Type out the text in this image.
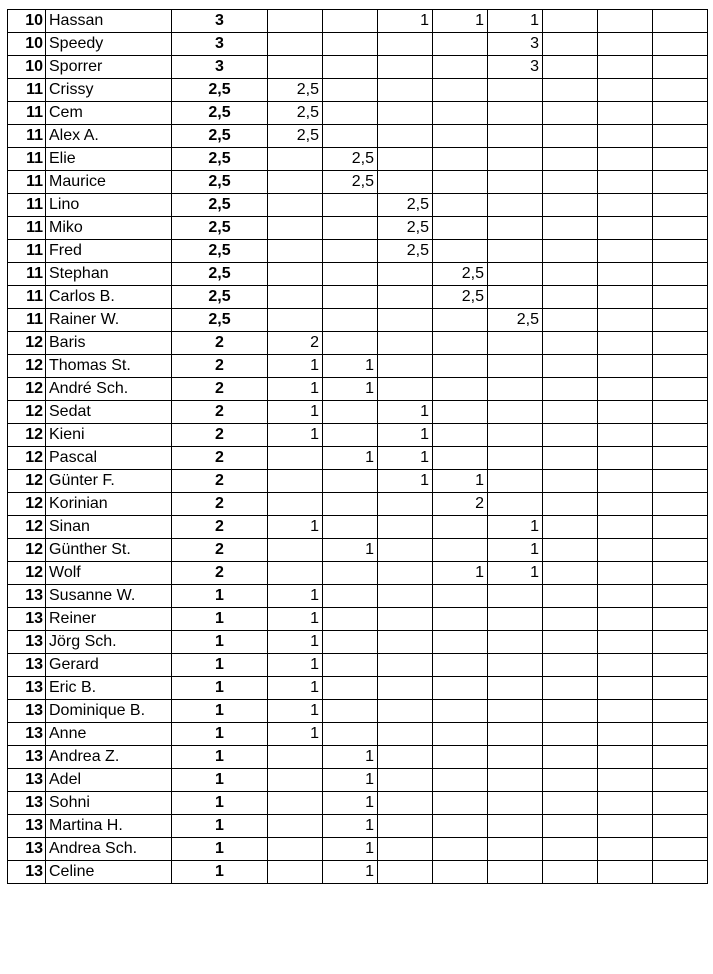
10	Hassan	3			1	1	1			
10	Speedy	3					3			
10	Sporrer	3					3			
11	Crissy	2,5	2,5							
11	Cem	2,5	2,5							
11	Alex A.	2,5	2,5							
11	Elie	2,5		2,5						
11	Maurice	2,5		2,5						
11	Lino	2,5			2,5					
11	Miko	2,5			2,5					
11	Fred	2,5			2,5					
11	Stephan	2,5				2,5				
11	Carlos B.	2,5				2,5				
11	Rainer W.	2,5					2,5			
12	Baris	2	2							
12	Thomas St.	2	1	1						
12	André Sch.	2	1	1						
12	Sedat	2	1		1					
12	Kieni	2	1		1					
12	Pascal	2		1	1					
12	Günter F.	2			1	1				
12	Korinian	2				2				
12	Sinan	2	1				1			
12	Günther St.	2		1			1			
12	Wolf	2				1	1			
13	Susanne W.	1	1							
13	Reiner	1	1							
13	Jörg Sch.	1	1							
13	Gerard	1	1							
13	Eric B.	1	1							
13	Dominique B.	1	1							
13	Anne	1	1							
13	Andrea Z.	1		1						
13	Adel	1		1						
13	Sohni	1		1						
13	Martina H.	1		1						
13	Andrea Sch.	1		1						
13	Celine	1		1						
